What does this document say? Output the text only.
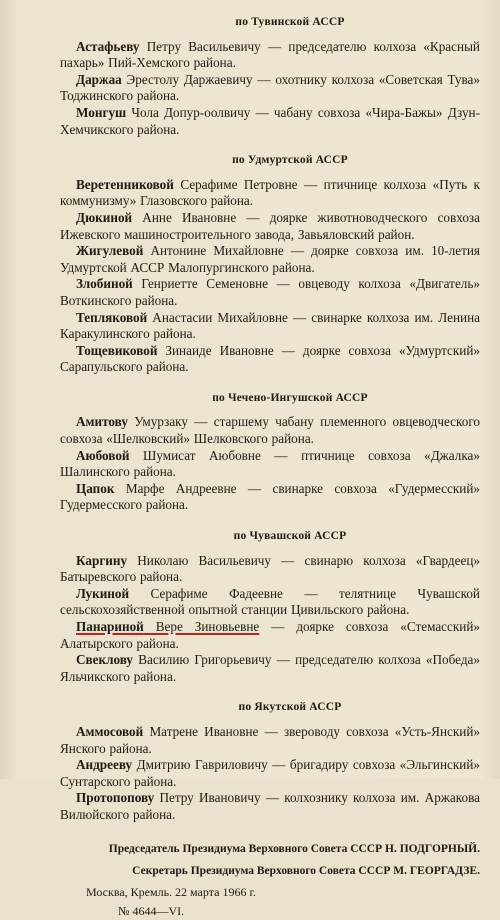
по Тувинской АССР

Астафьеву Петру Васильевичу — председателю колхоза «Красный пахарь» Пий-Хемского района.

Даржаа Эрестолу Даржаевичу — охотнику колхоза «Советская Тува» Тоджинского района.

Монгуш Чола Допур-оолвичу — чабану совхоза «Чира-Бажы» Дзун-Хемчикского района.

по Удмуртской АССР

Веретенниковой Серафиме Петровне — птичнице колхоза «Путь к коммунизму» Глазовского района.

Дюкиной Анне Ивановне — доярке животноводческого совхоза Ижевского машиностроительного завода, Завьяловский район.

Жигулевой Антонине Михайловне — доярке совхоза им. 10-летия Удмуртской АССР Малопургинского района.

Злобиной Генриетте Семеновне — овцеводу колхоза «Двигатель» Воткинского района.

Тепляковой Анастасии Михайловне — свинарке колхоза им. Ленина Каракулинского района.

Тощевиковой Зинаиде Ивановне — доярке совхоза «Удмуртский» Сарапульского района.

по Чечено-Ингушской АССР

Амитову Умурзаку — старшему чабану племенного овцеводческого совхоза «Шелковский» Шелковского района.

Аюбовой Шумисат Аюбовне — птичнице совхоза «Джалка» Шалинского района.

Цапок Марфе Андреевне — свинарке совхоза «Гудермесский» Гудермесского района.

по Чувашской АССР

Каргину Николаю Васильевичу — свинарю колхоза «Гвардеец» Батыревского района.

Лукиной Серафиме Фадеевне — телятнице Чувашской сельскохозяйственной опытной станции Цивильского района.

Панариной Вере Зиновьевне — доярке совхоза «Стемасский» Алатырского района.

Свеклову Василию Григорьевичу — председателю колхоза «Победа» Яльчикского района.

по Якутской АССР

Аммосовой Матрене Ивановне — звероводу совхоза «Усть-Янский» Янского района.

Андрееву Дмитрию Гавриловичу — бригадиру совхоза «Эльгинский» Сунтарского района.

Протопопову Петру Ивановичу — колхознику колхоза им. Аржакова Вилюйского района.

Председатель Президиума Верховного Совета СССР Н. ПОДГОРНЫЙ.

Секретарь Президиума Верховного Совета СССР М. ГЕОРГАДЗЕ.

Москва, Кремль. 22 марта 1966 г.

№ 4644—VI.
